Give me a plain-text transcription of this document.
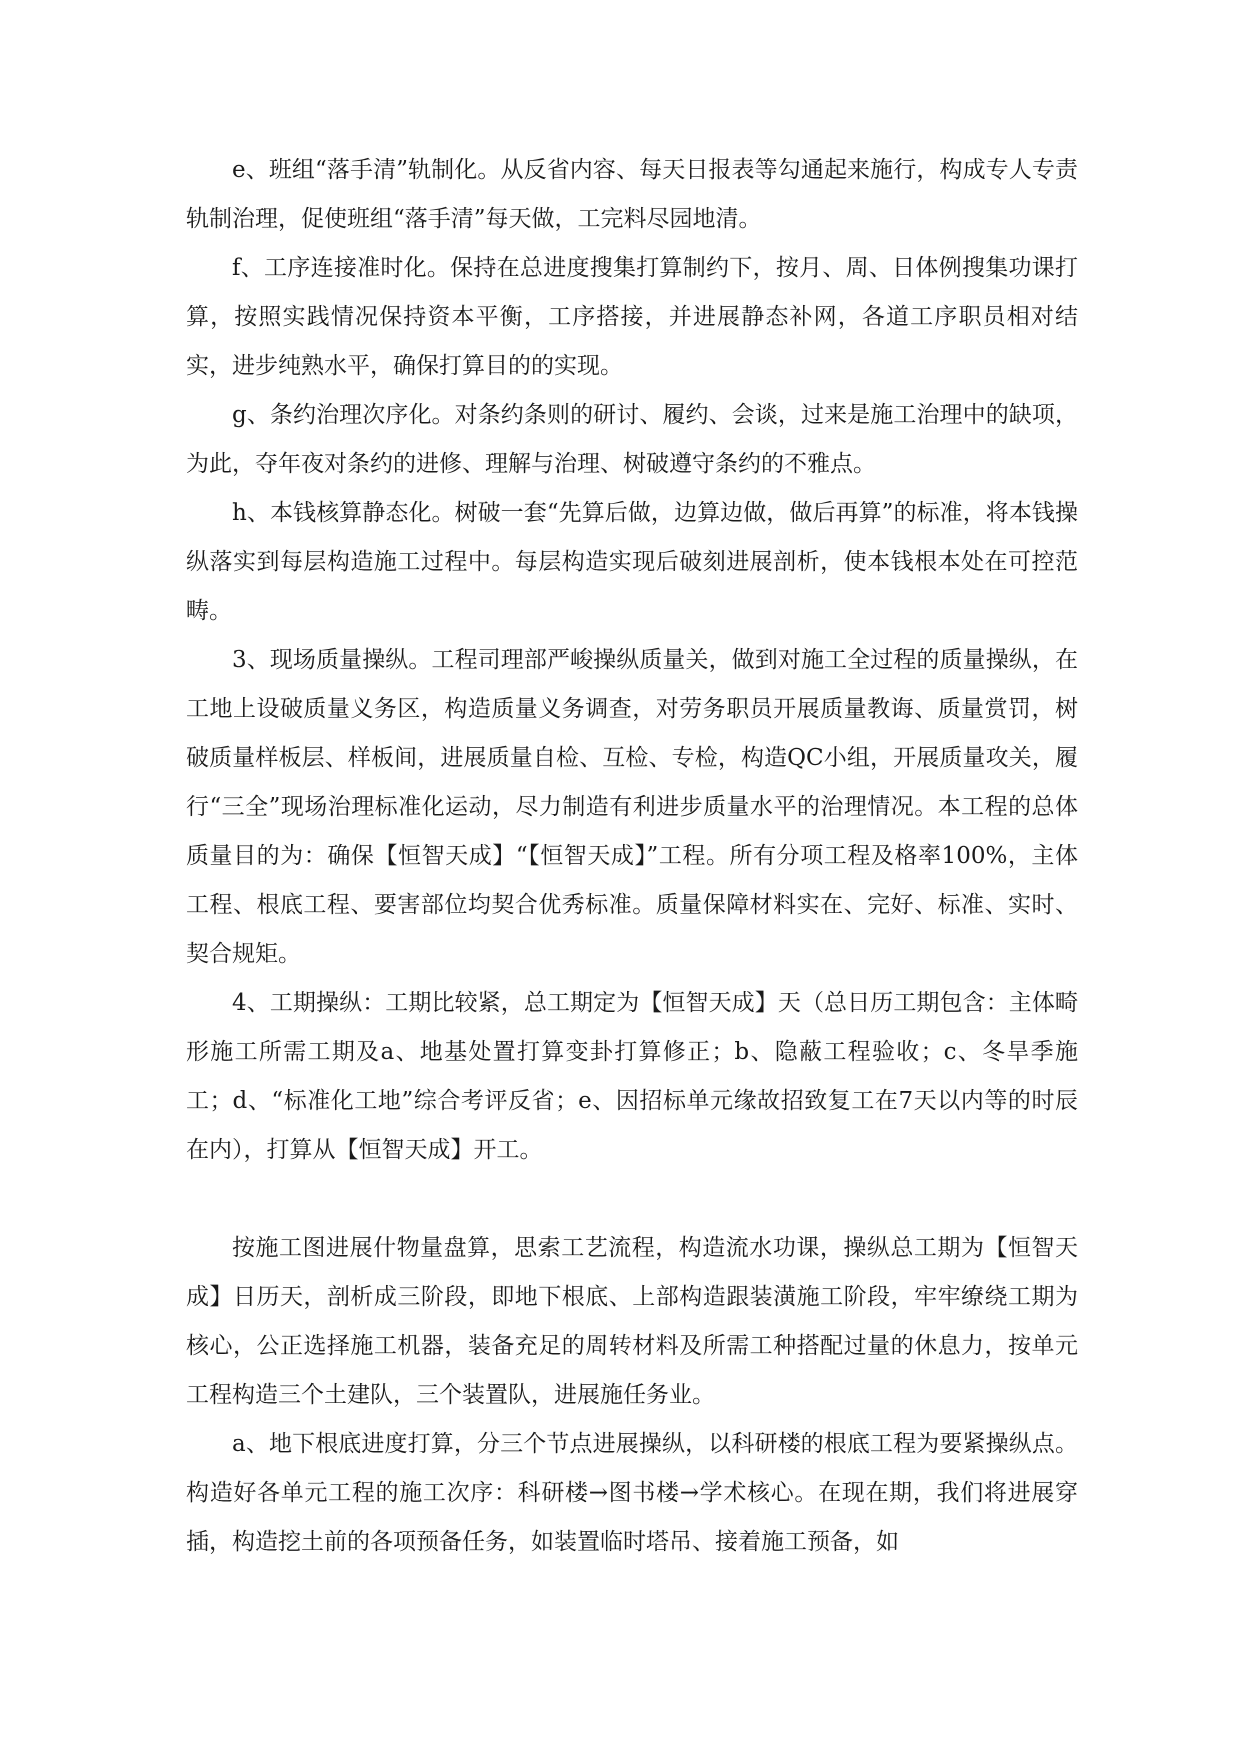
e、班组“落手清”轨制化。从反省内容、每天日报表等勾通起来施行，构成专人专责轨制治理，促使班组“落手清”每天做，工完料尽园地清。

f、工序连接准时化。保持在总进度搜集打算制约下，按月、周、日体例搜集功课打算，按照实践情况保持资本平衡，工序搭接，并进展静态补网，各道工序职员相对结实，进步纯熟水平，确保打算目的的实现。

g、条约治理次序化。对条约条则的研讨、履约、会谈，过来是施工治理中的缺项，为此，夺年夜对条约的进修、理解与治理、树破遵守条约的不雅点。

h、本钱核算静态化。树破一套“先算后做，边算边做，做后再算”的标准，将本钱操纵落实到每层构造施工过程中。每层构造实现后破刻进展剖析，使本钱根本处在可控范畴。

3、现场质量操纵。工程司理部严峻操纵质量关，做到对施工全过程的质量操纵，在工地上设破质量义务区，构造质量义务调查，对劳务职员开展质量教诲、质量赏罚，树破质量样板层、样板间，进展质量自检、互检、专检，构造QC小组，开展质量攻关，履行“三全”现场治理标准化运动，尽力制造有利进步质量水平的治理情况。本工程的总体质量目的为：确保【恒智天成】“【恒智天成】”工程。所有分项工程及格率100%，主体工程、根底工程、要害部位均契合优秀标准。质量保障材料实在、完好、标准、实时、契合规矩。

4、工期操纵：工期比较紧，总工期定为【恒智天成】天（总日历工期包含：主体畸形施工所需工期及a、地基处置打算变卦打算修正；b、隐蔽工程验收；c、冬旱季施工；d、“标准化工地”综合考评反省；e、因招标单元缘故招致复工在7天以内等的时辰在内），打算从【恒智天成】开工。

按施工图进展什物量盘算，思索工艺流程，构造流水功课，操纵总工期为【恒智天成】日历天，剖析成三阶段，即地下根底、上部构造跟装潢施工阶段，牢牢缭绕工期为核心，公正选择施工机器，装备充足的周转材料及所需工种搭配过量的休息力，按单元工程构造三个土建队，三个装置队，进展施任务业。

a、地下根底进度打算，分三个节点进展操纵，以科研楼的根底工程为要紧操纵点。构造好各单元工程的施工次序：科研楼→图书楼→学术核心。在现在期，我们将进展穿插，构造挖土前的各项预备任务，如装置临时塔吊、接着施工预备，如
